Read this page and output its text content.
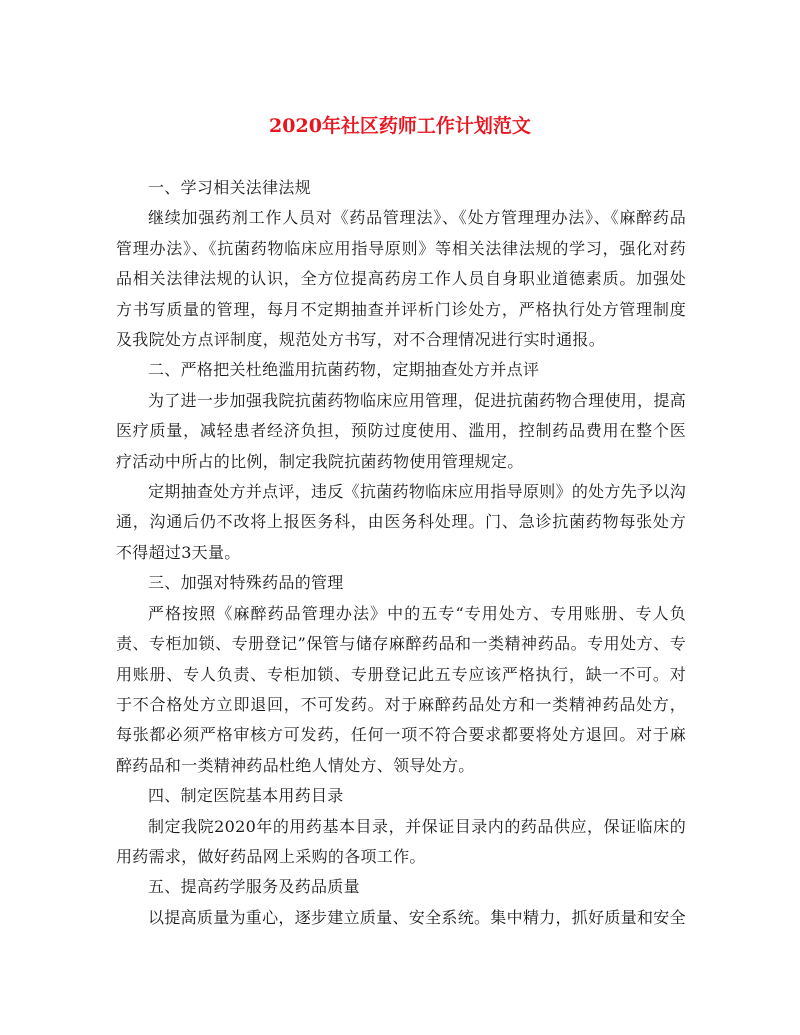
2020年社区药师工作计划范文

一、学习相关法律法规

继续加强药剂工作人员对《药品管理法》、《处方管理理办法》、《麻醉药品管理办法》、《抗菌药物临床应用指导原则》等相关法律法规的学习，强化对药品相关法律法规的认识，全方位提高药房工作人员自身职业道德素质。加强处方书写质量的管理，每月不定期抽查并评析门诊处方，严格执行处方管理制度及我院处方点评制度，规范处方书写，对不合理情况进行实时通报。

二、严格把关杜绝滥用抗菌药物，定期抽查处方并点评

为了进一步加强我院抗菌药物临床应用管理，促进抗菌药物合理使用，提高医疗质量，减轻患者经济负担，预防过度使用、滥用，控制药品费用在整个医疗活动中所占的比例，制定我院抗菌药物使用管理规定。

定期抽查处方并点评，违反《抗菌药物临床应用指导原则》的处方先予以沟通，沟通后仍不改将上报医务科，由医务科处理。门、急诊抗菌药物每张处方不得超过3天量。

三、加强对特殊药品的管理

严格按照《麻醉药品管理办法》中的五专“专用处方、专用账册、专人负责、专柜加锁、专册登记”保管与储存麻醉药品和一类精神药品。专用处方、专用账册、专人负责、专柜加锁、专册登记此五专应该严格执行，缺一不可。对于不合格处方立即退回，不可发药。对于麻醉药品处方和一类精神药品处方，每张都必须严格审核方可发药，任何一项不符合要求都要将处方退回。对于麻醉药品和一类精神药品杜绝人情处方、领导处方。

四、制定医院基本用药目录

制定我院2020年的用药基本目录，并保证目录内的药品供应，保证临床的用药需求，做好药品网上采购的各项工作。

五、提高药学服务及药品质量

以提高质量为重心，逐步建立质量、安全系统。集中精力，抓好质量和安全
